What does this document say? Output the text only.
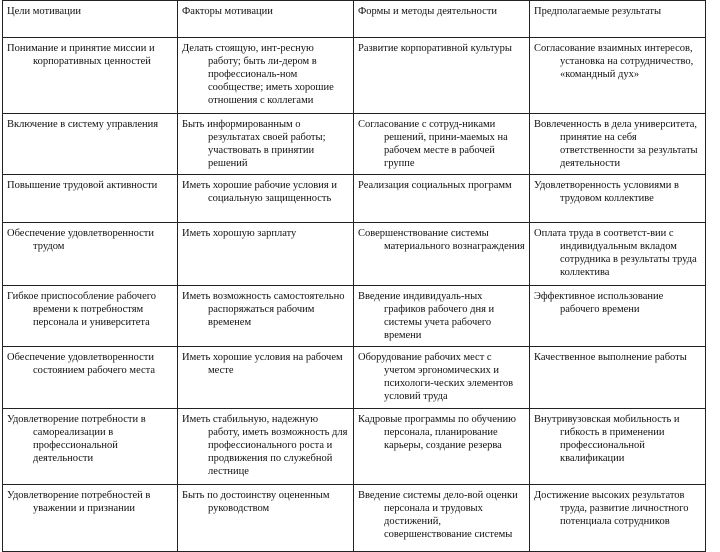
Цели мотивации	Факторы мотивации	Формы и методы деятельности	Предполагаемые результаты

Понимание и принятие миссии и корпоративных ценностей	Делать стоящую, инт-ресную работу; быть ли-дером в профессиональ-ном сообществе; иметь хорошие отношения с коллегами	Развитие корпоративной культуры	Согласование взаимных интересов, установка на сотрудничество, «командный дух»

Включение в систему управления	Быть информированным о результатах своей работы; участвовать в принятии решений	Согласование с сотруд-никами решений, прини-маемых на рабочем месте в рабочей группе	Вовлеченность в дела университета, принятие на себя ответственности за результаты деятельности

Повышение трудовой активности	Иметь хорошие рабочие условия и социальную защищенность	Реализация социальных программ	Удовлетворенность условиями в трудовом коллективе

Обеспечение удовлетворенности трудом	Иметь хорошую зарплату	Совершенствование системы материального вознаграждения	Оплата труда в соответст-вии с индивидуальным вкладом сотрудника в результаты труда коллектива

Гибкое приспособление рабочего времени к потребностям персонала и университета	Иметь возможность самостоятельно распоряжаться рабочим временем	Введение индивидуаль-ных графиков рабочего дня и системы учета рабочего времени	Эффективное использование рабочего времени

Обеспечение удовлетворенности состоянием рабочего места	Иметь хорошие условия на рабочем месте	Оборудование рабочих мест с учетом эргономических и психологи-ческих элементов условий труда	Качественное выполнение работы

Удовлетворение потребности в самореализации в профессиональной деятельности	Иметь стабильную, надежную работу, иметь возможность для профессионального роста и продвижения по служебной лестнице	Кадровые программы по обучению персонала, планирование карьеры, создание резерва	Внутривузовская мобильность и гибкость в применении профессиональной квалификации

Удовлетворение потребностей в уважении и признании	Быть по достоинству оцененным руководством	Введение системы дело-вой оценки персонала и трудовых достижений, совершенствование системы	Достижение высоких результатов труда, развитие личностного потенциала сотрудников
